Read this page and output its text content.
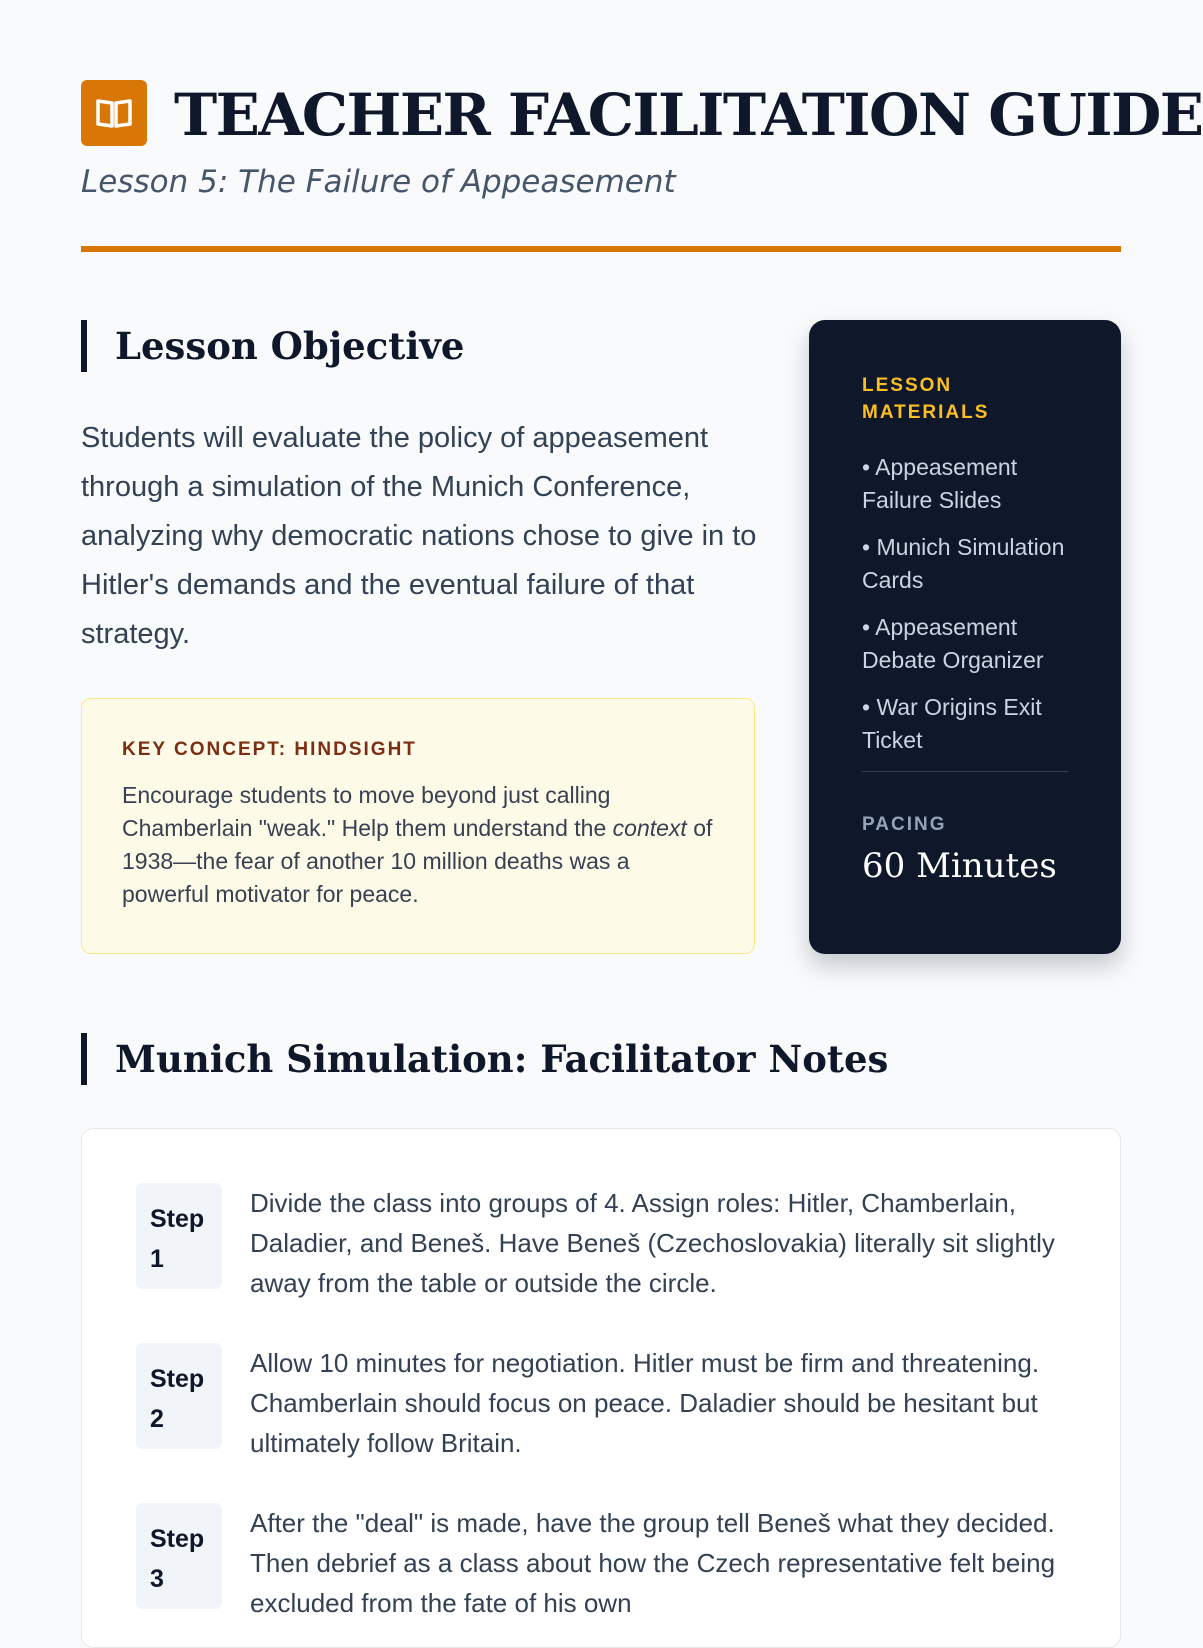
TEACHER FACILITATION GUIDE
Lesson 5: The Failure of Appeasement
Lesson Objective

Students will evaluate the policy of appeasement through a simulation of the Munich Conference, analyzing why democratic nations chose to give in to Hitler's demands and the eventual failure of that strategy.

KEY CONCEPT: HINDSIGHT

Encourage students to move beyond just calling Chamberlain "weak." Help them understand the context of 1938—the fear of another 10 million deaths was a powerful motivator for peace.

LESSON MATERIALS
• Appeasement Failure Slides
• Munich Simulation Cards
• Appeasement Debate Organizer
• War Origins Exit Ticket
PACING
60 Minutes
Munich Simulation: Facilitator Notes
Step
1

Divide the class into groups of 4. Assign roles: Hitler, Chamberlain, Daladier, and Beneš. Have Beneš (Czechoslovakia) literally sit slightly away from the table or outside the circle.

Step
2

Allow 10 minutes for negotiation. Hitler must be firm and threatening. Chamberlain should focus on peace. Daladier should be hesitant but ultimately follow Britain.

Step
3

After the "deal" is made, have the group tell Beneš what they decided. Then debrief as a class about how the Czech representative felt being excluded from the fate of his own
